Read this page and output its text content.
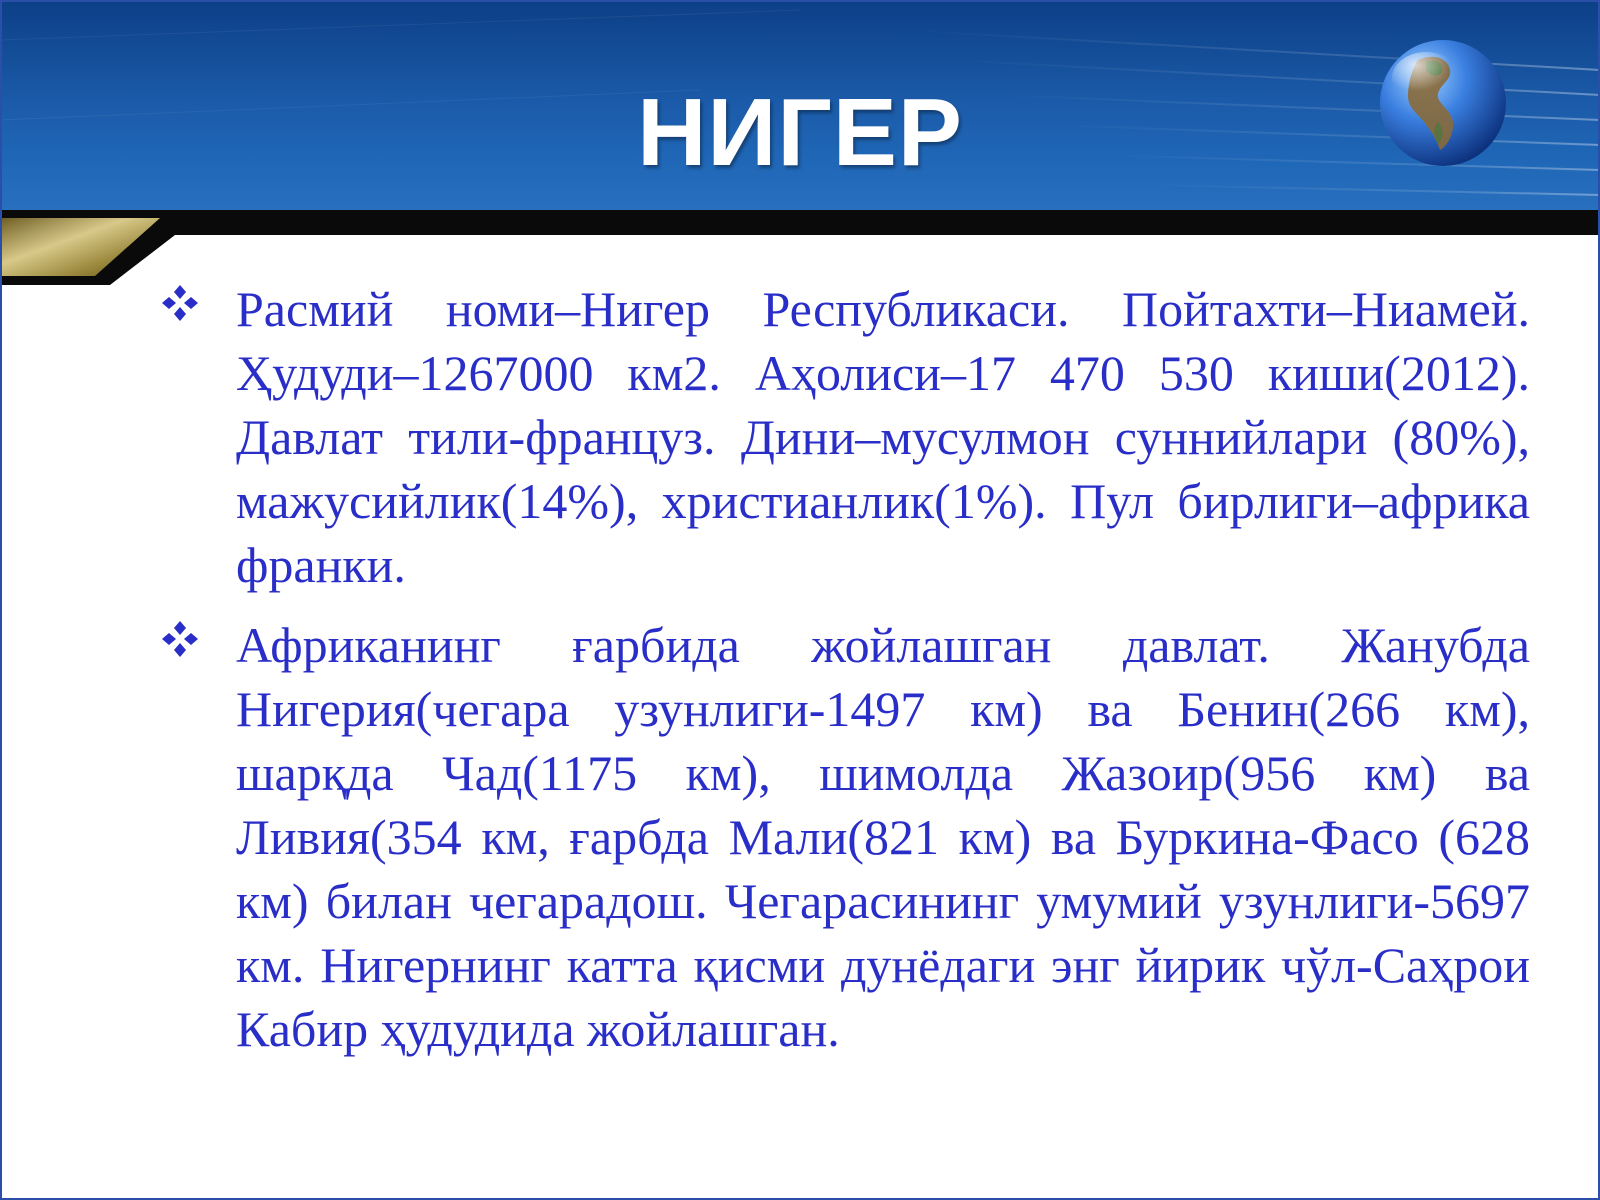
НИГЕР
Расмий номи–Нигер Республикаси. Пойтахти–Ниамей. Ҳудуди–1267000 км2. Аҳолиси–17 470 530 киши(2012). Давлат тили-француз. Дини–мусулмон суннийлари (80%), мажусийлик(14%), христианлик(1%). Пул бирлиги–африка франки.
Африканинг ғарбида жойлашган давлат. Жанубда Нигерия(чегара узунлиги-1497 км) ва Бенин(266 км), шарқда Чад(1175 км), шимолда Жазоир(956 км) ва Ливия(354 км, ғарбда Мали(821 км) ва Буркина-Фасо (628 км) билан чегарадош. Чегарасининг умумий узунлиги-5697 км. Нигернинг катта қисми дунёдаги энг йирик чўл-Саҳрои Кабир ҳудудида жойлашган.
